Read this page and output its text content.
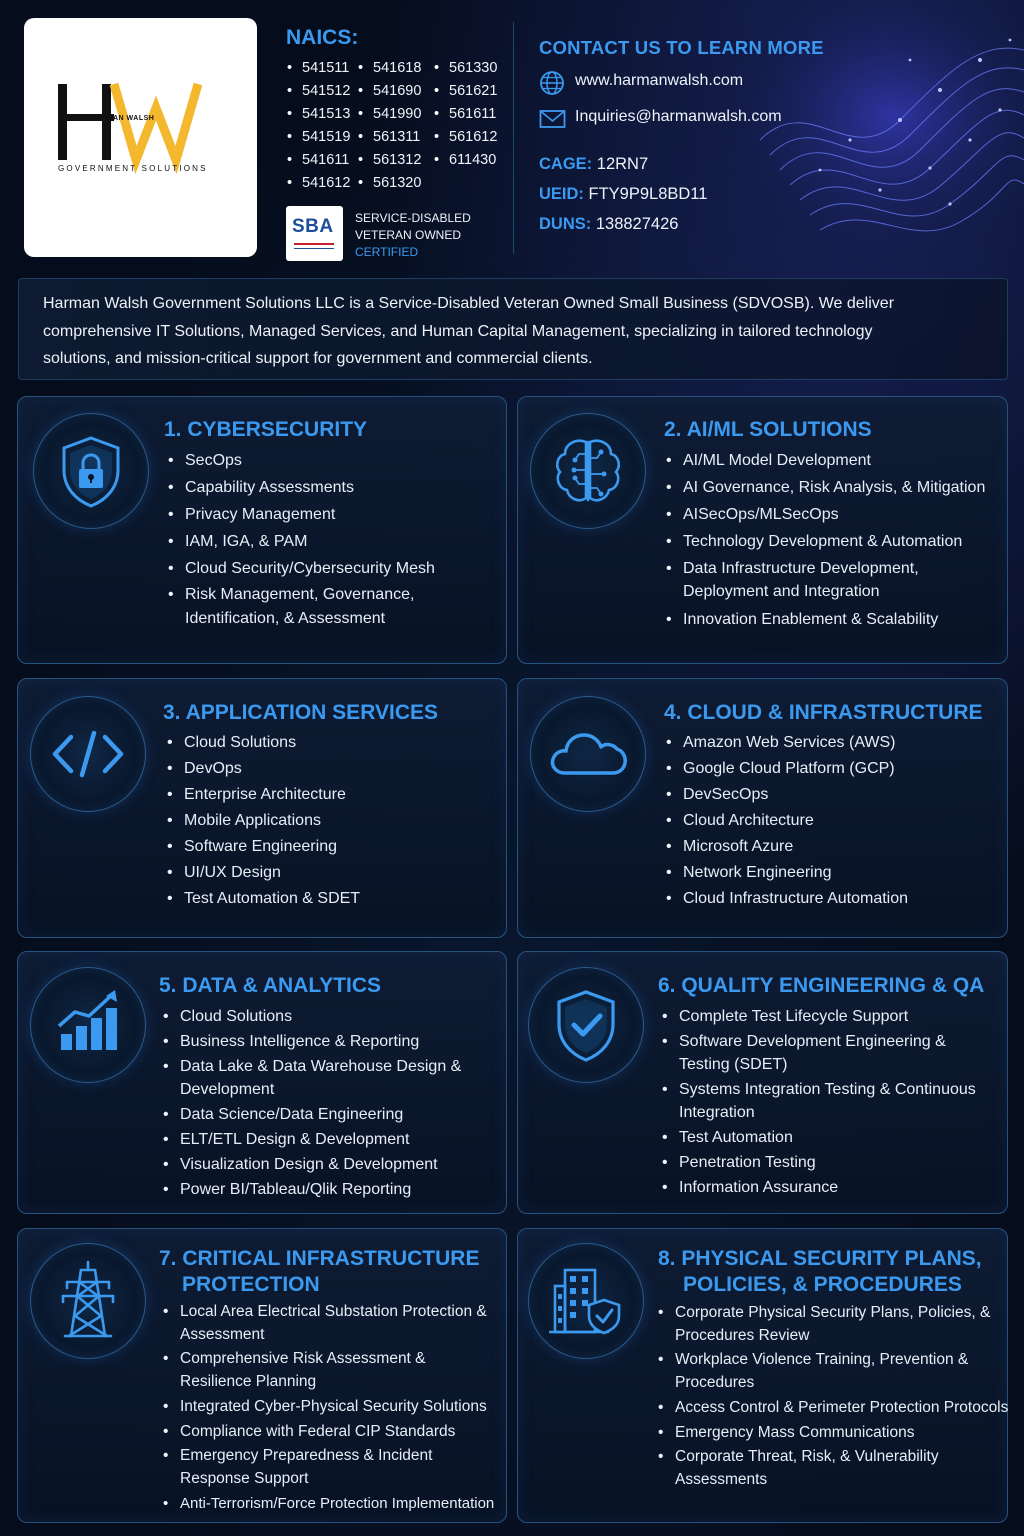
HARMAN WALSH
GOVERNMENT SOLUTIONS
NAICS:
• 541511
• 541512
• 541513
• 541519
• 541611
• 541612
• 541618
• 541690
• 541990
• 561311
• 561312
• 561320
• 561330
• 561621
• 561611
• 561612
• 611430
SBA SERVICE-DISABLED
VETERAN OWNED
CERTIFIED
CONTACT US TO LEARN MORE
www.harmanwalsh.com
Inquiries@harmanwalsh.com
CAGE: 12RN7
UEID: FTY9P9L8BD11
DUNS: 138827426
Harman Walsh Government Solutions LLC is a Service-Disabled Veteran Owned Small Business (SDVOSB). We deliver comprehensive IT Solutions, Managed Services, and Human Capital Management, specializing in tailored technology solutions, and mission-critical support for government and commercial clients.
1. CYBERSECURITY
• SecOps
• Capability Assessments
• Privacy Management
• IAM, IGA, & PAM
• Cloud Security/Cybersecurity Mesh
• Risk Management, Governance,
Identification, & Assessment
2. AI/ML SOLUTIONS
• AI/ML Model Development
• AI Governance, Risk Analysis, & Mitigation
• AISecOps/MLSecOps
• Technology Development & Automation
• Data Infrastructure Development,
Deployment and Integration
• Innovation Enablement & Scalability
3. APPLICATION SERVICES
• Cloud Solutions
• DevOps
• Enterprise Architecture
• Mobile Applications
• Software Engineering
• UI/UX Design
• Test Automation & SDET
4. CLOUD & INFRASTRUCTURE
• Amazon Web Services (AWS)
• Google Cloud Platform (GCP)
• DevSecOps
• Cloud Architecture
• Microsoft Azure
• Network Engineering
• Cloud Infrastructure Automation
5. DATA & ANALYTICS
• Cloud Solutions
• Business Intelligence & Reporting
• Data Lake & Data Warehouse Design &
Development
• Data Science/Data Engineering
• ELT/ETL Design & Development
• Visualization Design & Development
• Power BI/Tableau/Qlik Reporting
6. QUALITY ENGINEERING & QA
• Complete Test Lifecycle Support
• Software Development Engineering &
Testing (SDET)
• Systems Integration Testing & Continuous
Integration
• Test Automation
• Penetration Testing
• Information Assurance
7. CRITICAL INFRASTRUCTURE
PROTECTION
• Local Area Electrical Substation Protection &
Assessment
• Comprehensive Risk Assessment &
Resilience Planning
• Integrated Cyber-Physical Security Solutions
• Compliance with Federal CIP Standards
• Emergency Preparedness & Incident
Response Support
• Anti-Terrorism/Force Protection Implementation
8. PHYSICAL SECURITY PLANS,
POLICIES, & PROCEDURES
• Corporate Physical Security Plans, Policies, &
Procedures Review
• Workplace Violence Training, Prevention &
Procedures
• Access Control & Perimeter Protection Protocols
• Emergency Mass Communications
• Corporate Threat, Risk, & Vulnerability
Assessments
